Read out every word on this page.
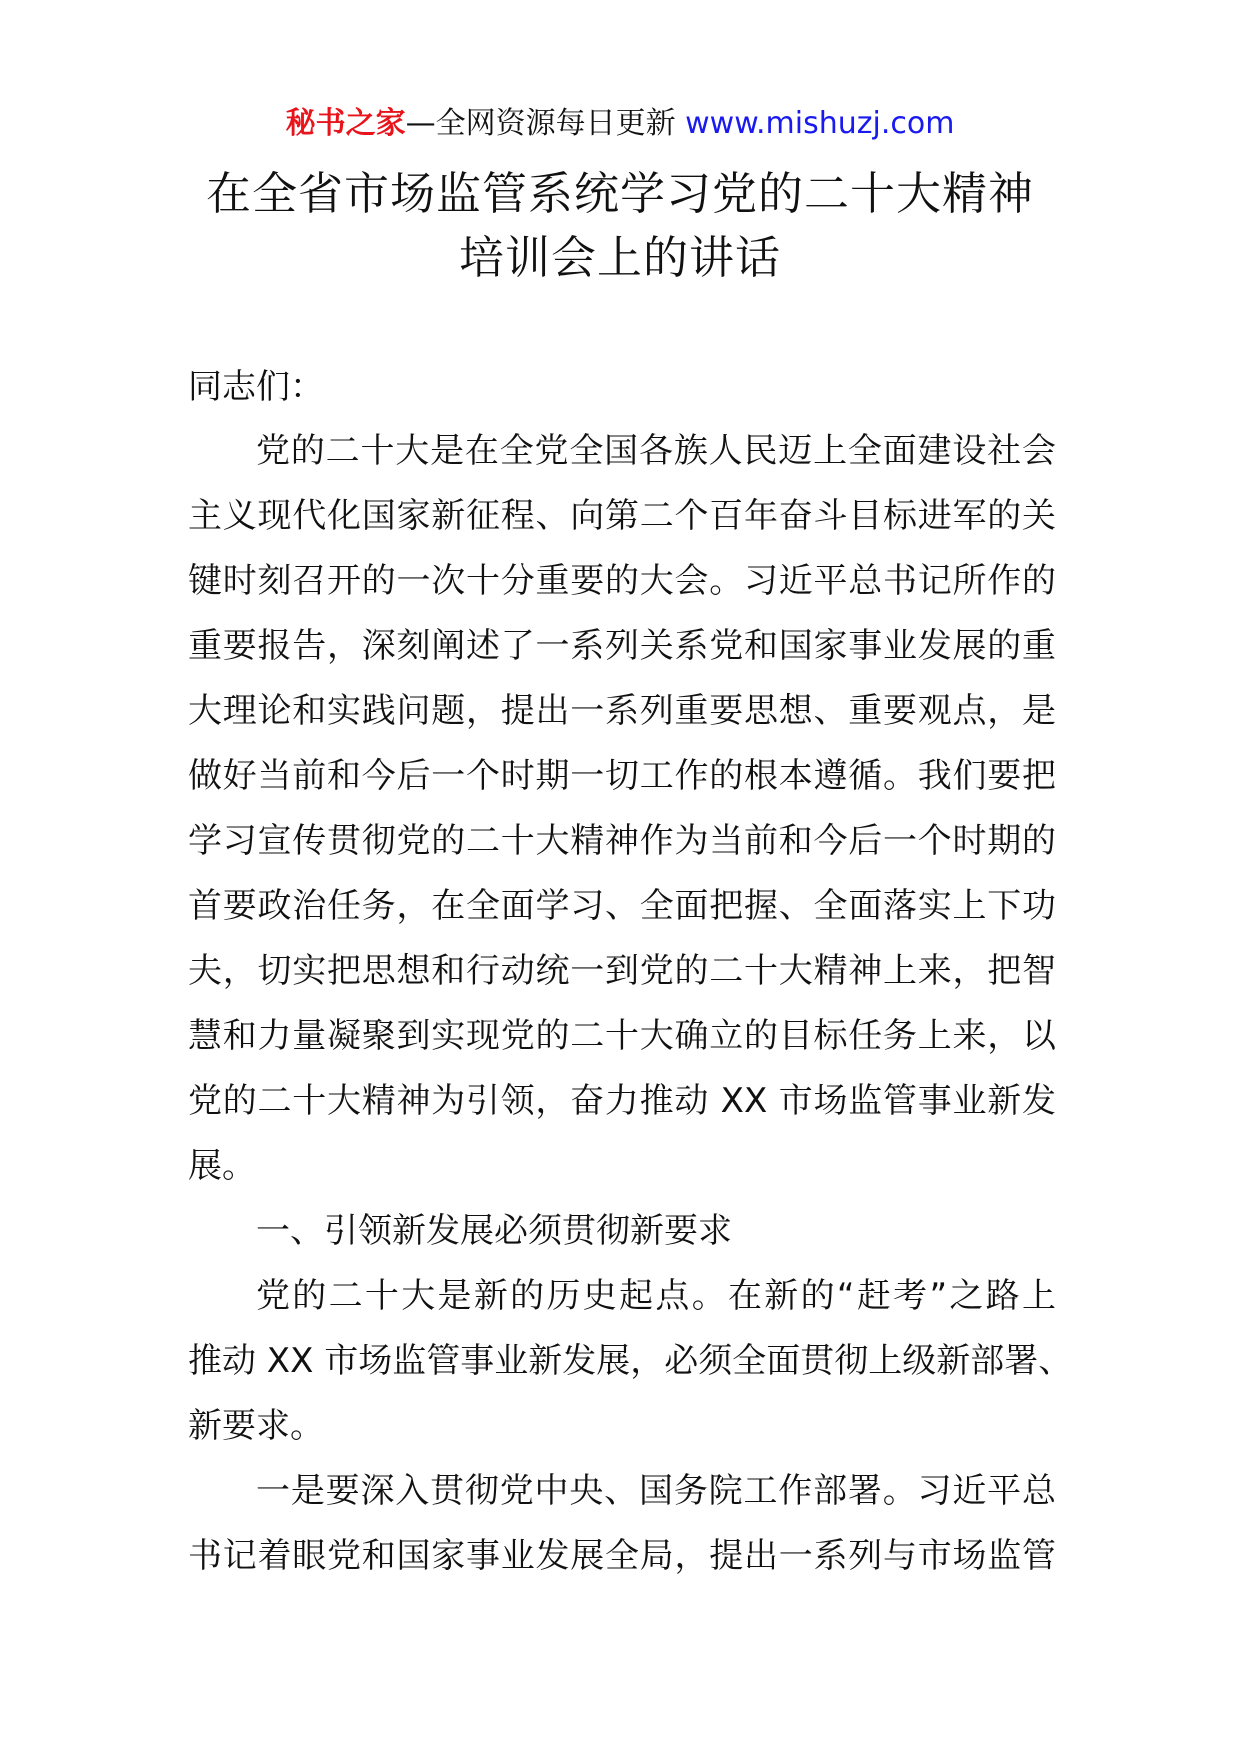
秘书之家—全网资源每日更新 www.mishuzj.com
在全省市场监管系统学习党的二十大精神
培训会上的讲话
同志们：
党的二十大是在全党全国各族人民迈上全面建设社会
主义现代化国家新征程、向第二个百年奋斗目标进军的关
键时刻召开的一次十分重要的大会。习近平总书记所作的
重要报告，深刻阐述了一系列关系党和国家事业发展的重
大理论和实践问题，提出一系列重要思想、重要观点，是
做好当前和今后一个时期一切工作的根本遵循。我们要把
学习宣传贯彻党的二十大精神作为当前和今后一个时期的
首要政治任务，在全面学习、全面把握、全面落实上下功
夫，切实把思想和行动统一到党的二十大精神上来，把智
慧和力量凝聚到实现党的二十大确立的目标任务上来，以
党的二十大精神为引领，奋力推动 XX 市场监管事业新发
展。
一、引领新发展必须贯彻新要求
党的二十大是新的历史起点。在新的“赶考”之路上
推动 XX 市场监管事业新发展，必须全面贯彻上级新部署、
新要求。
一是要深入贯彻党中央、国务院工作部署。习近平总
书记着眼党和国家事业发展全局，提出一系列与市场监管
